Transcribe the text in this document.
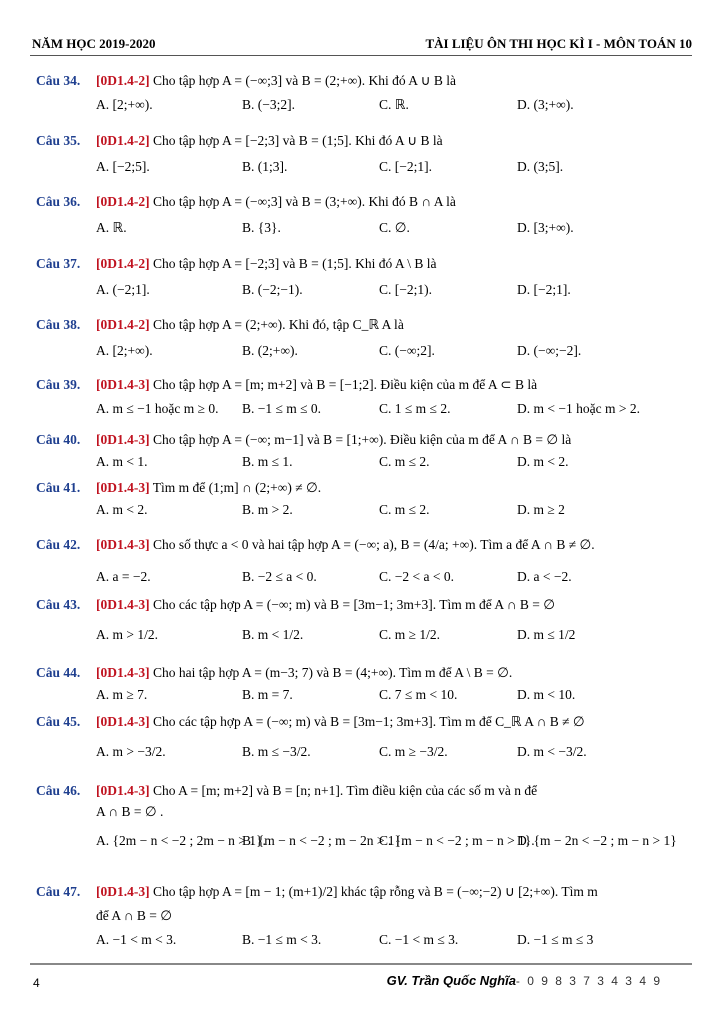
NĂM HỌC 2019-2020	TÀI LIỆU ÔN THI HỌC KÌ I - MÔN TOÁN 10
Câu 34. [0D1.4-2] Cho tập hợp A = (−∞;3] và B = (2;+∞). Khi đó A ∪ B là
A. [2;+∞).	B. (−3;2].	C. ℝ.	D. (3;+∞).
Câu 35. [0D1.4-2] Cho tập hợp A = [−2;3] và B = (1;5]. Khi đó A ∪ B là
A. [−2;5].	B. (1;3].	C. [−2;1].	D. (3;5].
Câu 36. [0D1.4-2] Cho tập hợp A = (−∞;3] và B = (3;+∞). Khi đó B ∩ A là
A. ℝ.	B. {3}.	C. ∅.	D. [3;+∞).
Câu 37. [0D1.4-2] Cho tập hợp A = [−2;3] và B = (1;5]. Khi đó A \ B là
A. (−2;1].	B. (−2;−1).	C. [−2;1).	D. [−2;1].
Câu 38. [0D1.4-2] Cho tập hợp A = (2;+∞). Khi đó, tập C_ℝ A là
A. [2;+∞).	B. (2;+∞).	C. (−∞;2].	D. (−∞;−2].
Câu 39. [0D1.4-3] Cho tập hợp A = [m; m+2] và B = [−1;2]. Điều kiện của m để A ⊂ B là
A. m ≤ −1 hoặc m ≥ 0. B. −1 ≤ m ≤ 0.	C. 1 ≤ m ≤ 2.	D. m < −1 hoặc m > 2.
Câu 40. [0D1.4-3] Cho tập hợp A = (−∞; m−1] và B = [1;+∞). Điều kiện của m để A ∩ B = ∅ là
A. m < 1.	B. m ≤ 1.	C. m ≤ 2.	D. m < 2.
Câu 41. [0D1.4-3] Tìm m để (1;m] ∩ (2;+∞) ≠ ∅.
A. m < 2.	B. m > 2.	C. m ≤ 2.	D. m ≥ 2
Câu 42. [0D1.4-3] Cho số thực a < 0 và hai tập hợp A = (−∞; a), B = (4/a; +∞). Tìm a để A ∩ B ≠ ∅.
A. a = −2.	B. −2 ≤ a < 0.	C. −2 < a < 0.	D. a < −2.
Câu 43. [0D1.4-3] Cho các tập hợp A = (−∞; m) và B = [3m−1; 3m+3]. Tìm m để A ∩ B = ∅
A. m > 1/2.	B. m < 1/2.	C. m ≥ 1/2.	D. m ≤ 1/2
Câu 44. [0D1.4-3] Cho hai tập hợp A = (m−3; 7) và B = (4;+∞). Tìm m để A \ B = ∅.
A. m ≥ 7.	B. m = 7.	C. 7 ≤ m < 10.	D. m < 10.
Câu 45. [0D1.4-3] Cho các tập hợp A = (−∞; m) và B = [3m−1; 3m+3]. Tìm m để C_ℝ A ∩ B ≠ ∅
A. m > −3/2.	B. m ≤ −3/2.	C. m ≥ −3/2.	D. m < −3/2.
Câu 46. [0D1.4-3] Cho A = [m; m+2] và B = [n; n+1]. Tìm điều kiện của các số m và n để
A ∩ B = ∅ .
A. {2m − n < −2 ; 2m − n > 1}.
B. {m − n < −2 ; m − 2n > 1}.
C. {m − n < −2 ; m − n > 1}.
D. {m − 2n < −2 ; m − n > 1}
Câu 47. [0D1.4-3] Cho tập hợp A = [m − 1; (m+1)/2] khác tập rỗng và B = (−∞;−2) ∪ [2;+∞). Tìm m
để A ∩ B = ∅
A. −1 < m < 3.	B. −1 ≤ m < 3.	C. −1 < m ≤ 3.	D. −1 ≤ m ≤ 3
4	GV. Trần Quốc Nghĩa- 0 9 8 3 7 3 4 3 4 9
